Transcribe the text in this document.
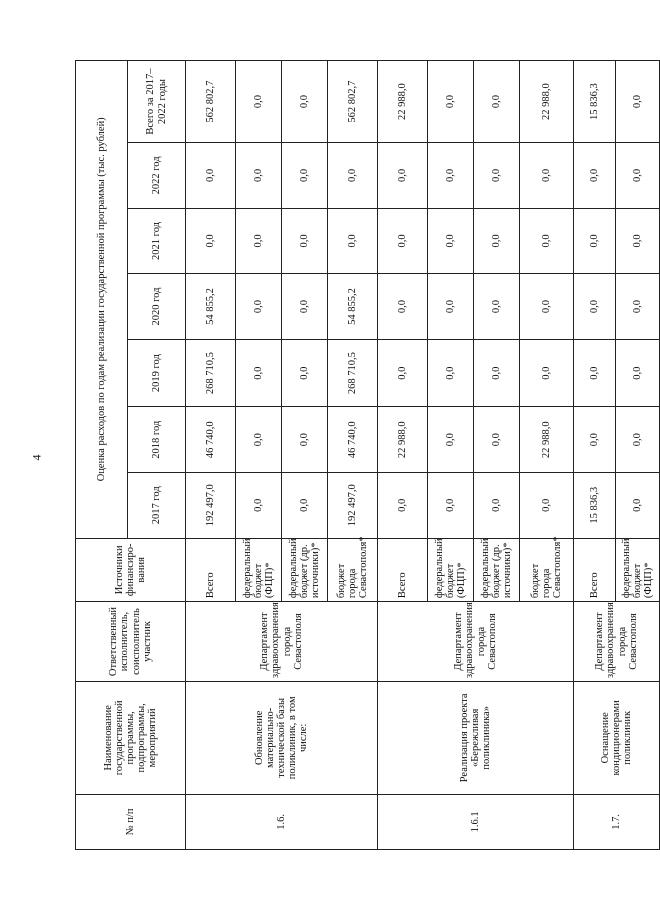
4
№ п/п	Наименование государственной программы, подпрограммы, мероприятий	Ответственный исполнитель, соисполнитель участник	Источники финансиро-вания	Оценка расходов по годам реализации государственной программы (тыс. рублей)						
				2017 год	2018 год	2019 год	2020 год	2021 год	2022 год	Всего за 2017–2022 годы
1.6.	Обновление материально-технической базы поликлиник, в том числе:	Департамент здравоохранения города Севастополя	Всего	192 497,0	46 740,0	268 710,5	54 855,2	0,0	0,0	562 802,7
			федеральный бюджет (ФЦП)*	0,0	0,0	0,0	0,0	0,0	0,0	0,0
			федеральный бюджет (др. источники)*	0,0	0,0	0,0	0,0	0,0	0,0	0,0
			бюджет города Севастополя*	192 497,0	46 740,0	268 710,5	54 855,2	0,0	0,0	562 802,7
1.6.1	Реализация проекта «Бережливая поликлиника»	Департамент здравоохранения города Севастополя	Всего	0,0	22 988,0	0,0	0,0	0,0	0,0	22 988,0
			федеральный бюджет (ФЦП)*	0,0	0,0	0,0	0,0	0,0	0,0	0,0
			федеральный бюджет (др. источники)*	0,0	0,0	0,0	0,0	0,0	0,0	0,0
			бюджет города Севастополя*	0,0	22 988,0	0,0	0,0	0,0	0,0	22 988,0
1.7.	Оснащение кондиционерами поликлиник	Департамент здравоохранения города Севастополя	Всего	15 836,3	0,0	0,0	0,0	0,0	0,0	15 836,3
			федеральный бюджет (ФЦП)*	0,0	0,0	0,0	0,0	0,0	0,0	0,0
